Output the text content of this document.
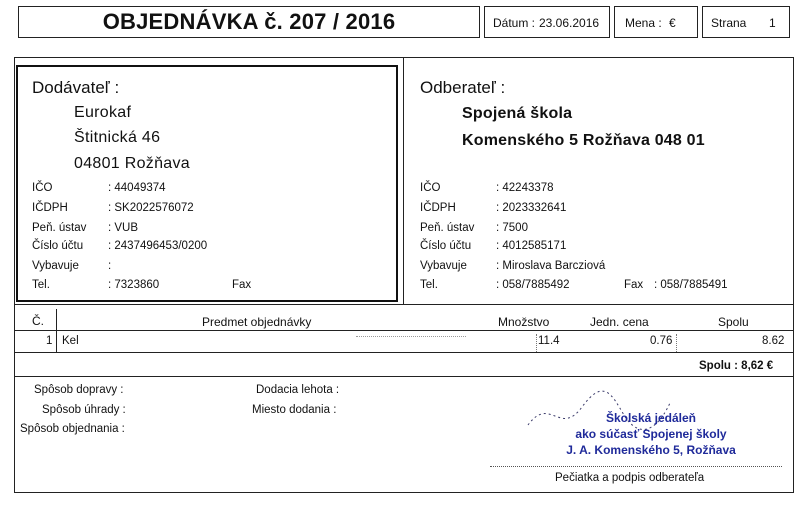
OBJEDNÁVKA č. 207 / 2016	Dátum : 23.06.2016 Mena : €	Strana 1
Dodávateľ :
Eurokaf
Štitnická 46
04801 Rožňava
IČO	: 44049374
IČDPH	: SK2022576072
Peň. ústav : VUB
Číslo účtu : 2437496453/0200
Vybavuje	:
Tel.	: 7323860	Fax
Odberateľ :
Spojená škola
Komenského 5 Rožňava 048 01
IČO	: 42243378
IČDPH	: 2023332641
Peň. ústav : 7500
Číslo účtu : 4012585171
Vybavuje	: Miroslava Barcziová
Tel.	: 058/7885492	Fax : 058/7885491
Č.	Predmet objednávky	Množstvo	Jedn. cena	Spolu
1 Kel	11.4	0.76	8.62
Spolu : 8,62 €
Spôsob dopravy :
Spôsob úhrady :
Spôsob objednania :
Dodacia lehota :
Miesto dodania :
Školská jedáleň
ako súčasť Spojenej školy
J. A. Komenského 5, Rožňava
Pečiatka a podpis odberateľa
